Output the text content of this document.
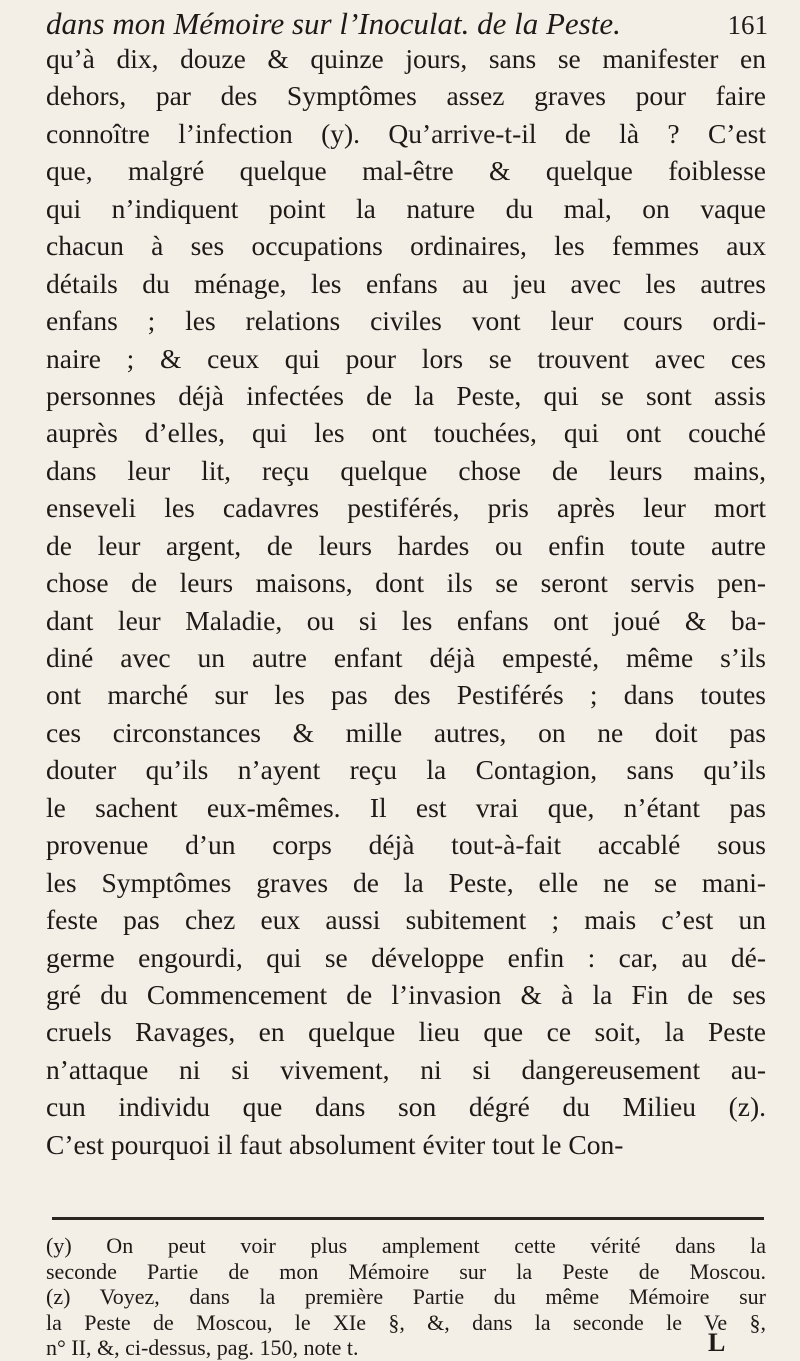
dans mon Mémoire sur l’Inoculat. de la Peste.	161
qu’à dix, douze & quinze jours, sans se manifester en
dehors, par des Symptômes assez graves pour faire
connoître l’infection (y). Qu’arrive-t-il de là ? C’est
que, malgré quelque mal-être & quelque foiblesse
qui n’indiquent point la nature du mal, on vaque
chacun à ses occupations ordinaires, les femmes aux
détails du ménage, les enfans au jeu avec les autres
enfans ; les relations civiles vont leur cours ordi-
naire ; & ceux qui pour lors se trouvent avec ces
personnes déjà infectées de la Peste, qui se sont assis
auprès d’elles, qui les ont touchées, qui ont couché
dans leur lit, reçu quelque chose de leurs mains,
enseveli les cadavres pestiférés, pris après leur mort
de leur argent, de leurs hardes ou enfin toute autre
chose de leurs maisons, dont ils se seront servis pen-
dant leur Maladie, ou si les enfans ont joué & ba-
diné avec un autre enfant déjà empesté, même s’ils
ont marché sur les pas des Pestiférés ; dans toutes
ces circonstances & mille autres, on ne doit pas
douter qu’ils n’ayent reçu la Contagion, sans qu’ils
le sachent eux-mêmes. Il est vrai que, n’étant pas
provenue d’un corps déjà tout-à-fait accablé sous
les Symptômes graves de la Peste, elle ne se mani-
feste pas chez eux aussi subitement ; mais c’est un
germe engourdi, qui se développe enfin : car, au dé-
gré du Commencement de l’invasion & à la Fin de ses
cruels Ravages, en quelque lieu que ce soit, la Peste
n’attaque ni si vivement, ni si dangereusement au-
cun individu que dans son dégré du Milieu (z).
C’est pourquoi il faut absolument éviter tout le Con-
(y) On peut voir plus amplement cette vérité dans la
seconde Partie de mon Mémoire sur la Peste de Moscou.
(z) Voyez, dans la première Partie du même Mémoire sur
la Peste de Moscou, le XIe §, &, dans la seconde le Ve §,
n° II, &, ci-dessus, pag. 150, note t.	L
